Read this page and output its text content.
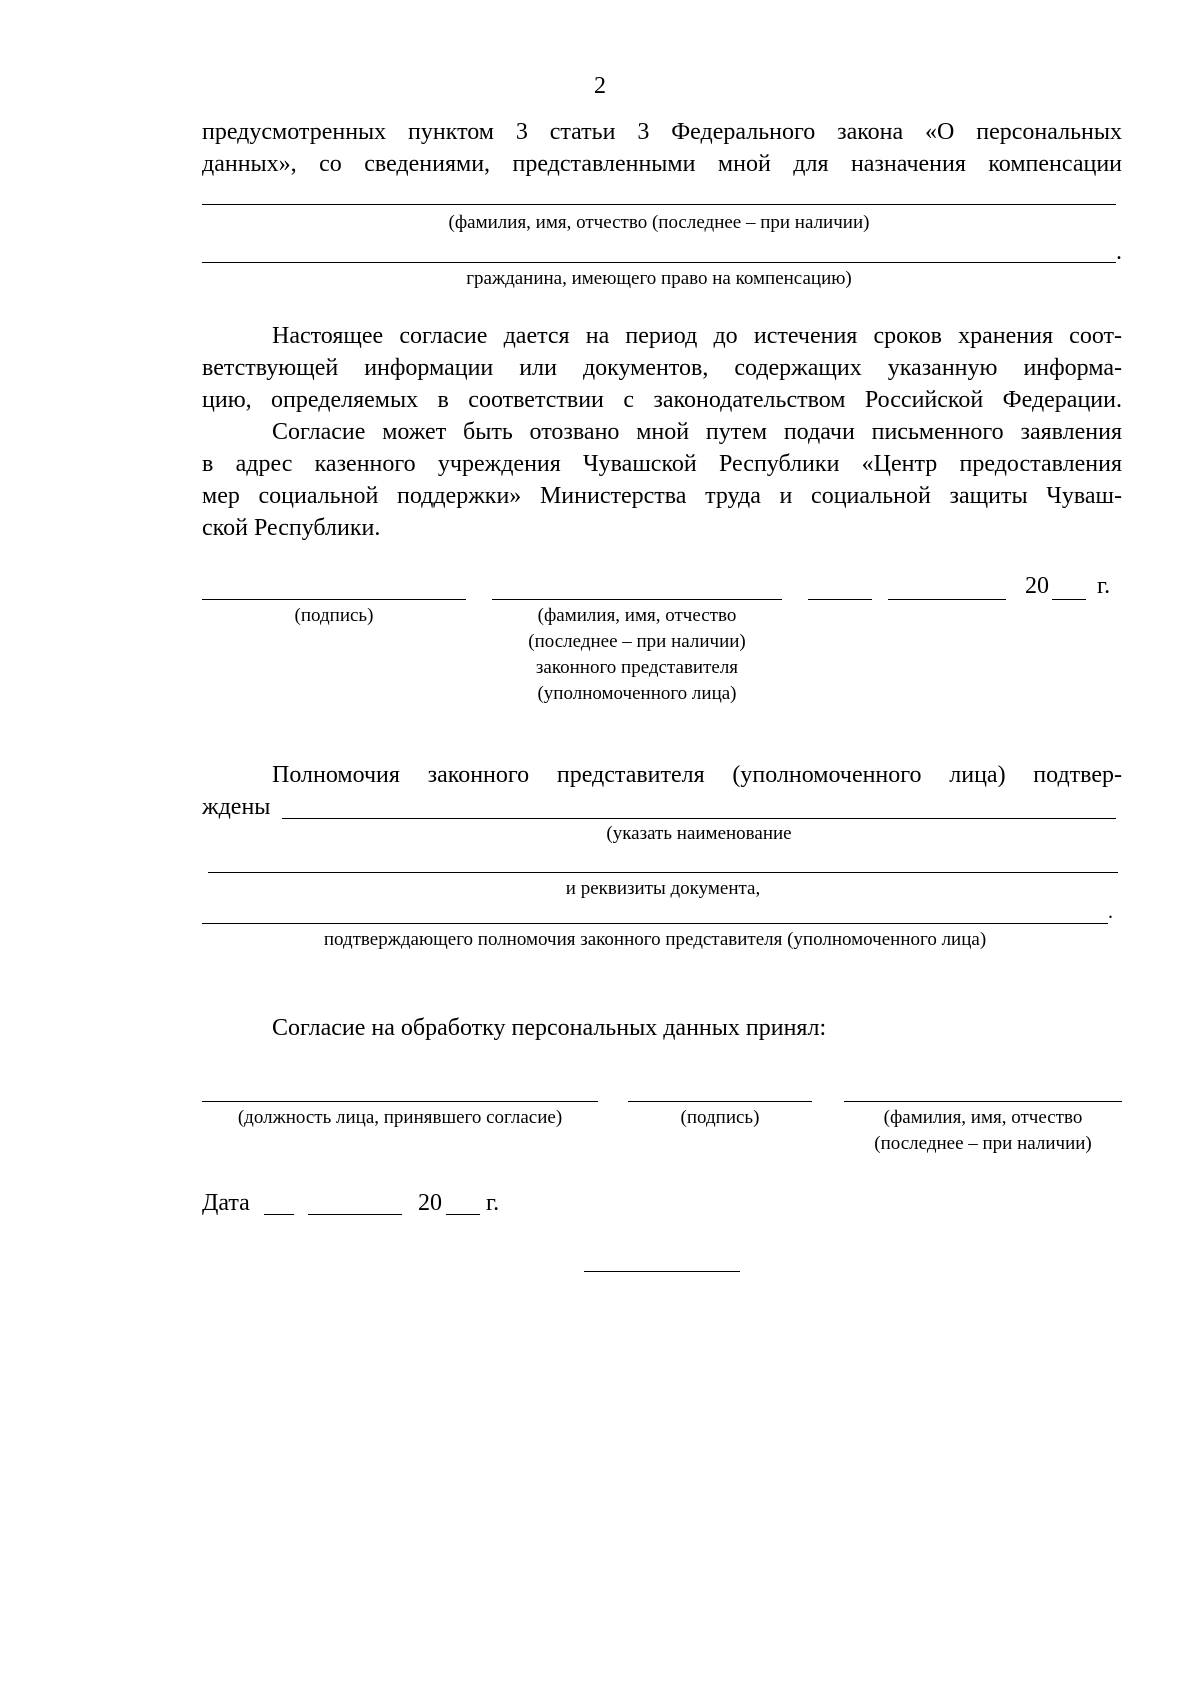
2
предусмотренных пунктом 3 статьи 3 Федерального закона «О персональных
данных», со сведениями, представленными мной для назначения компенсации
(фамилия, имя, отчество (последнее – при наличии)
.
гражданина, имеющего право на компенсацию)
Настоящее согласие дается на период до истечения сроков хранения соот-
ветствующей информации или документов, содержащих указанную информа-
цию, определяемых в соответствии с законодательством Российской Федерации.
Согласие может быть отозвано мной путем подачи письменного заявления
в адрес казенного учреждения Чувашской Республики «Центр предоставления
мер социальной поддержки» Министерства труда и социальной защиты Чуваш-
ской Республики.
20 г.
(подпись)	(фамилия, имя, отчество
(последнее – при наличии)
законного представителя
(уполномоченного лица)
Полномочия законного представителя (уполномоченного лица) подтвер-
ждены
(указать наименование
и реквизиты документа,
.
подтверждающего полномочия законного представителя (уполномоченного лица)
Согласие на обработку персональных данных принял:
(должность лица, принявшего согласие)	(подпись)	(фамилия, имя, отчество
(последнее – при наличии)
Дата	20 г.
